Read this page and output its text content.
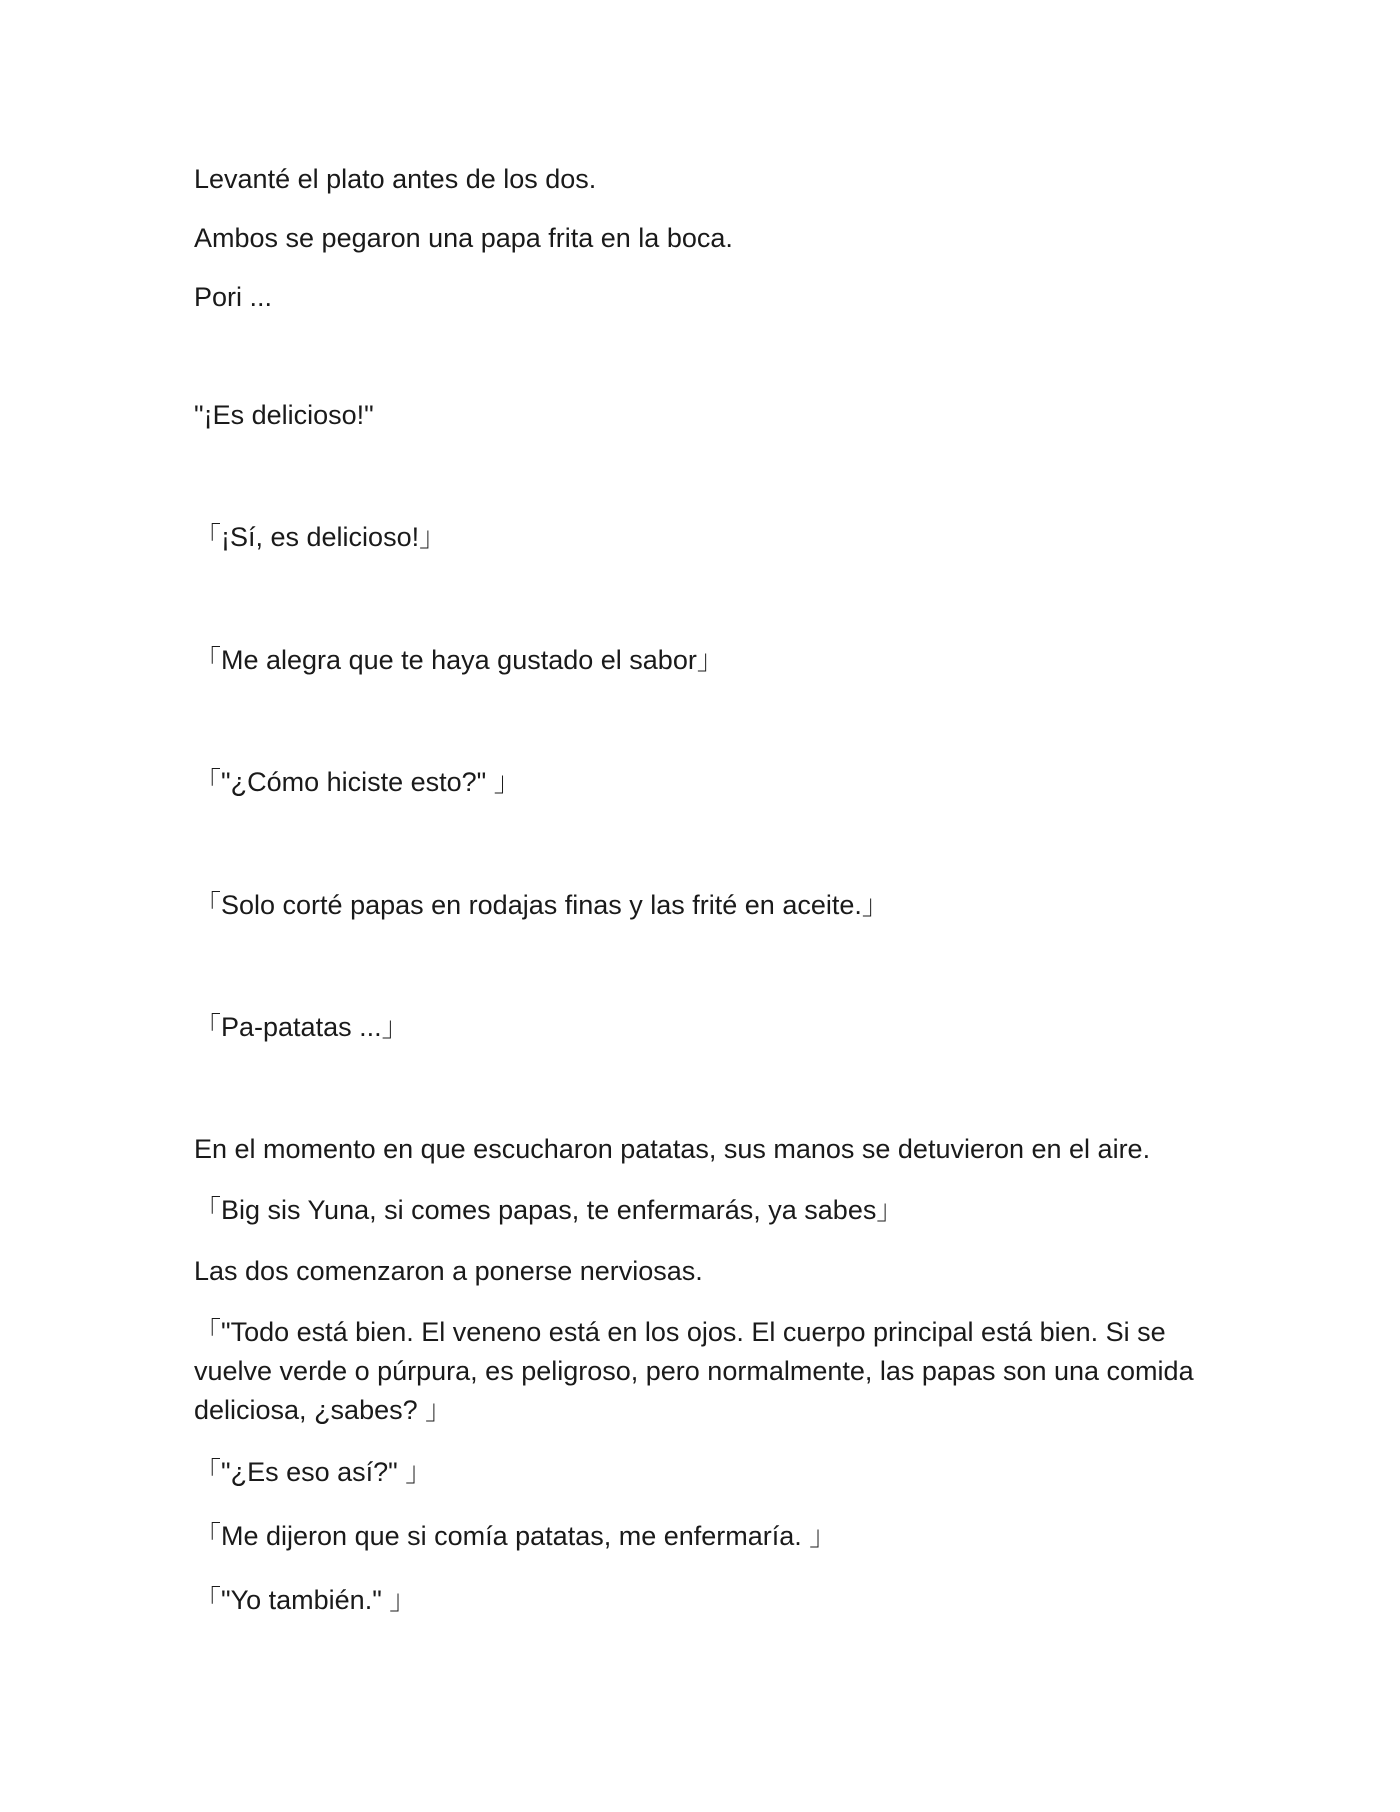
Levanté el plato antes de los dos.

Ambos se pegaron una papa frita en la boca.

Pori ...

"¡Es delicioso!"

「¡Sí, es delicioso!」

「Me alegra que te haya gustado el sabor」

「"¿Cómo hiciste esto?" 」

「Solo corté papas en rodajas finas y las frité en aceite.」

「Pa-patatas ...」

En el momento en que escucharon patatas, sus manos se detuvieron en el aire.

「Big sis Yuna, si comes papas, te enfermarás, ya sabes」

Las dos comenzaron a ponerse nerviosas.

「"Todo está bien. El veneno está en los ojos. El cuerpo principal está bien. Si se vuelve verde o púrpura, es peligroso, pero normalmente, las papas son una comida deliciosa, ¿sabes? 」

「"¿Es eso así?" 」

「Me dijeron que si comía patatas, me enfermaría. 」

「"Yo también." 」
